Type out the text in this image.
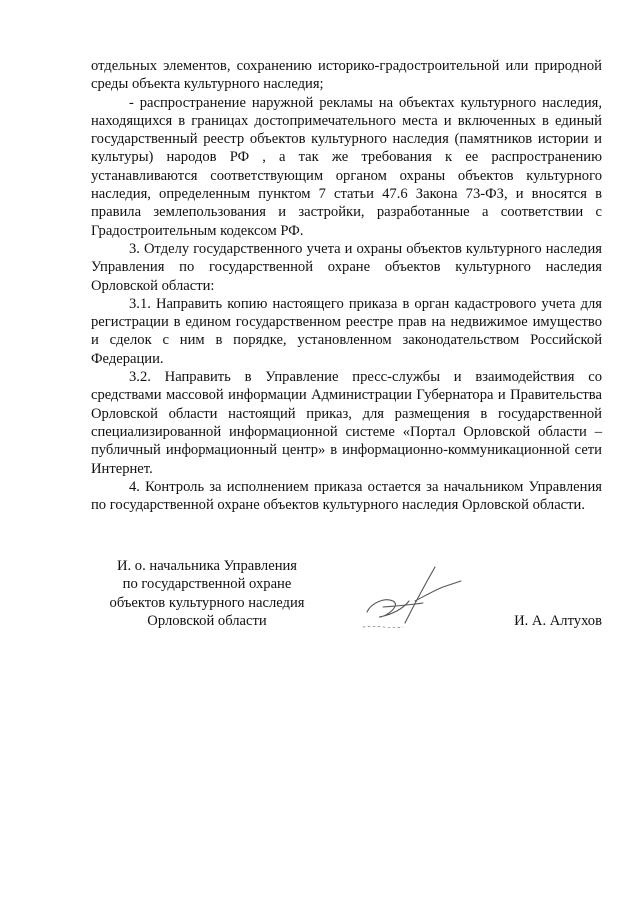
отдельных элементов, сохранению историко-градостроительной или природной среды объекта культурного наследия;

- распространение наружной рекламы на объектах культурного наследия, находящихся в границах достопримечательного места и включенных в единый государственный реестр объектов культурного наследия (памятников истории и культуры) народов РФ , а так же требования к ее распространению устанавливаются соответствующим органом охраны объектов культурного наследия, определенным пунктом 7 статьи 47.6 Закона 73-ФЗ, и вносятся в правила землепользования и застройки, разработанные а соответствии с Градостроительным кодексом РФ.

3. Отделу государственного учета и охраны объектов культурного наследия Управления по государственной охране объектов культурного наследия Орловской области:

3.1. Направить копию настоящего приказа в орган кадастрового учета для регистрации в едином государственном реестре прав на недвижимое имущество и сделок с ним в порядке, установленном законодательством Российской Федерации.

3.2. Направить в Управление пресс-службы и взаимодействия со средствами массовой информации Администрации Губернатора и Правительства Орловской области настоящий приказ, для размещения в государственной специализированной информационной системе «Портал Орловской области – публичный информационный центр» в информационно-коммуникационной сети Интернет.

4. Контроль за исполнением приказа остается за начальником Управления по государственной охране объектов культурного наследия Орловской области.

И. о. начальника Управления
по государственной охране
объектов культурного наследия
Орловской области	И. А. Алтухов
